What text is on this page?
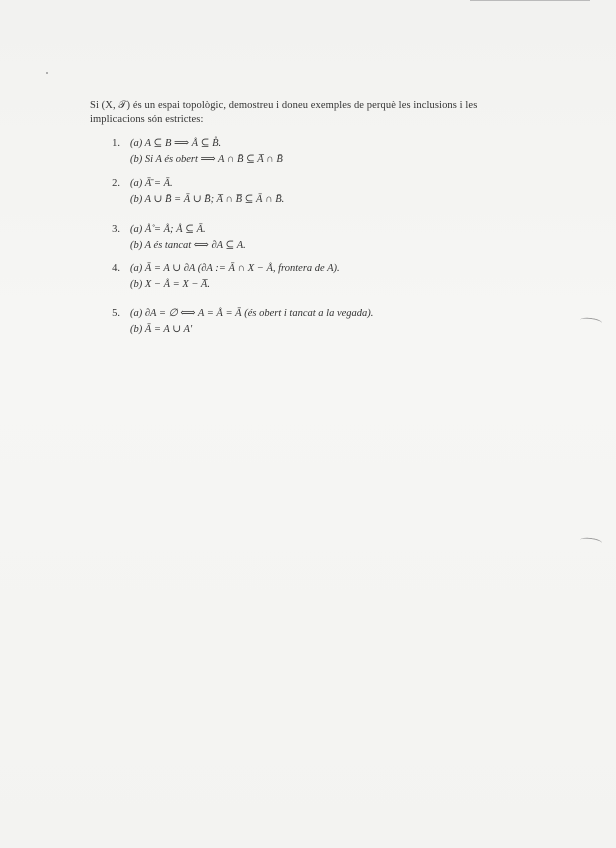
Si (X, 𝒯) és un espai topològic, demostreu i doneu exemples de perquè les inclusions i les
implicacions són estrictes:
1. (a) A ⊆ B ⟹ Å ⊆ B̊.
(b) Si A és obert ⟹ A ∩ B̄ ⊆ A̅ ∩ B̄
2. (a) Ā̄ = Ā.
(b) A ∪ B̄ = Ā ∪ B̄; A̅ ∩ B̅ ⊆ Ā ∩ B̄.
3. (a) Å̊ = Å; Å ⊆ Ā.
(b) A és tancat ⟺ ∂A ⊆ A.
4. (a) Ā = A ∪ ∂A (∂A := Ā ∩ X − Å, frontera de A).
(b) X − Å = X − A̅.
5. (a) ∂A = ∅ ⟺ A = Å = Ā (és obert i tancat a la vegada).
(b) Ā = A ∪ A′
